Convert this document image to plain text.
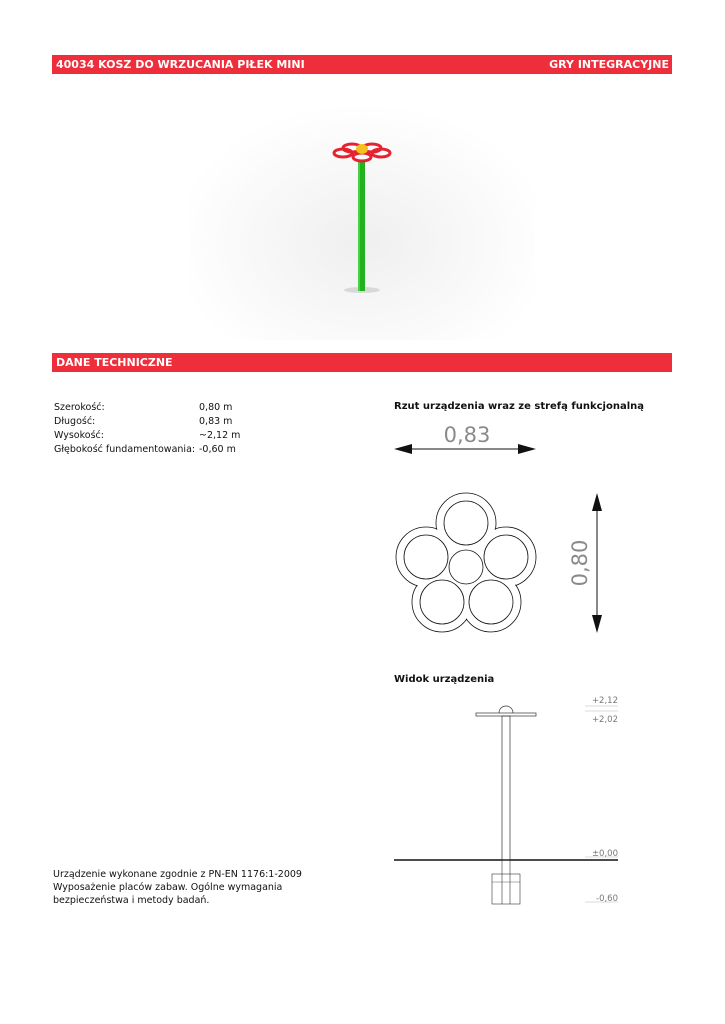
40034 KOSZ DO WRZUCANIA PIŁEK MINI	GRY INTEGRACYJNE
DANE TECHNICZNE
Szerokość:	0,80 m
Długość:	0,83 m
Wysokość:	~2,12 m
Głębokość fundamentowania: -0,60 m
Rzut urządzenia wraz ze strefą funkcjonalną
0,83
0,80
Widok urządzenia
+2,12
+2,02
±0,00
-0,60
Urządzenie wykonane zgodnie z PN-EN 1176:1-2009
Wyposażenie placów zabaw. Ogólne wymagania
bezpieczeństwa i metody badań.
